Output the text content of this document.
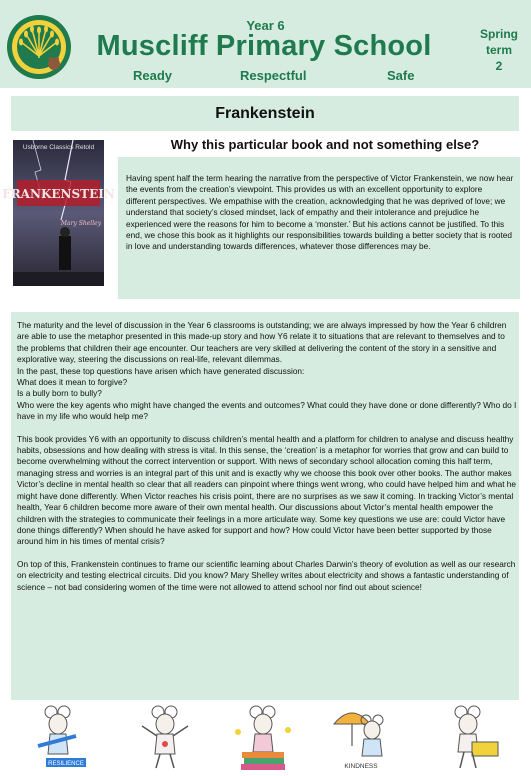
Year 6
Muscliff Primary School
Ready	Respectful	Safe
Spring
term
2
Frankenstein
Why this particular book and not something else?
FRANKENSTEIN
Usborne Classics Retold
Mary Shelley
Having spent half the term hearing the narrative from the perspective of Victor Frankenstein, we now hear the events from the creation’s viewpoint. This provides us with an excellent opportunity to explore different perspectives. We empathise with the creation, acknowledging that he was deprived of love; we understand that society’s closed mindset, lack of empathy and their intolerance and prejudice he experienced were the reasons for him to become a ‘monster.’ But his actions cannot be justified. To this end, we chose this book as it highlights our responsibilities towards building a better society that is rooted in love and understanding towards differences, whatever those differences may be.

The maturity and the level of discussion in the Year 6 classrooms is outstanding; we are always impressed by how the Year 6 children are able to use the metaphor presented in this made-up story and how Y6 relate it to situations that are relevant to themselves and to the problems that children their age encounter. Our teachers are very skilled at delivering the content of the story in a sensitive and explorative way, steering the discussions on real-life, relevant dilemmas.

In the past, these top questions have arisen which have generated discussion:

What does it mean to forgive?

Is a bully born to bully?

Who were the key agents who might have changed the events and outcomes? What could they have done or done differently? Who do I have in my life who would help me?

This book provides Y6 with an opportunity to discuss children’s mental health and a platform for children to analyse and discuss healthy habits, obsessions and how dealing with stress is vital. In this sense, the ‘creation’ is a metaphor for worries that grow and can build to become overwhelming without the correct intervention or support. With news of secondary school allocation coming this half term, managing stress and worries is an integral part of this unit and is exactly why we choose this book over other books. The author makes Victor’s decline in mental health so clear that all readers can pinpoint where things went wrong, who could have helped him and what he might have done differently. When Victor reaches his crisis point, there are no surprises as we saw it coming. In tracking Victor’s mental health, Year 6 children become more aware of their own mental health. Our discussions about Victor’s mental health empower the children with the strategies to communicate their feelings in a more articulate way. Some key questions we use are: could Victor have done things differently? When should he have asked for support and how? How could Victor have been better supported by those around him in his times of mental crisis?

On top of this, Frankenstein continues to frame our scientific learning about Charles Darwin’s theory of evolution as well as our research on electricity and testing electrical circuits. Did you know? Mary Shelley writes about electricity and shows a fantastic understanding of science – not bad considering women of the time were not allowed to attend school nor find out about science!

RESILIENCE	KINDNESS
